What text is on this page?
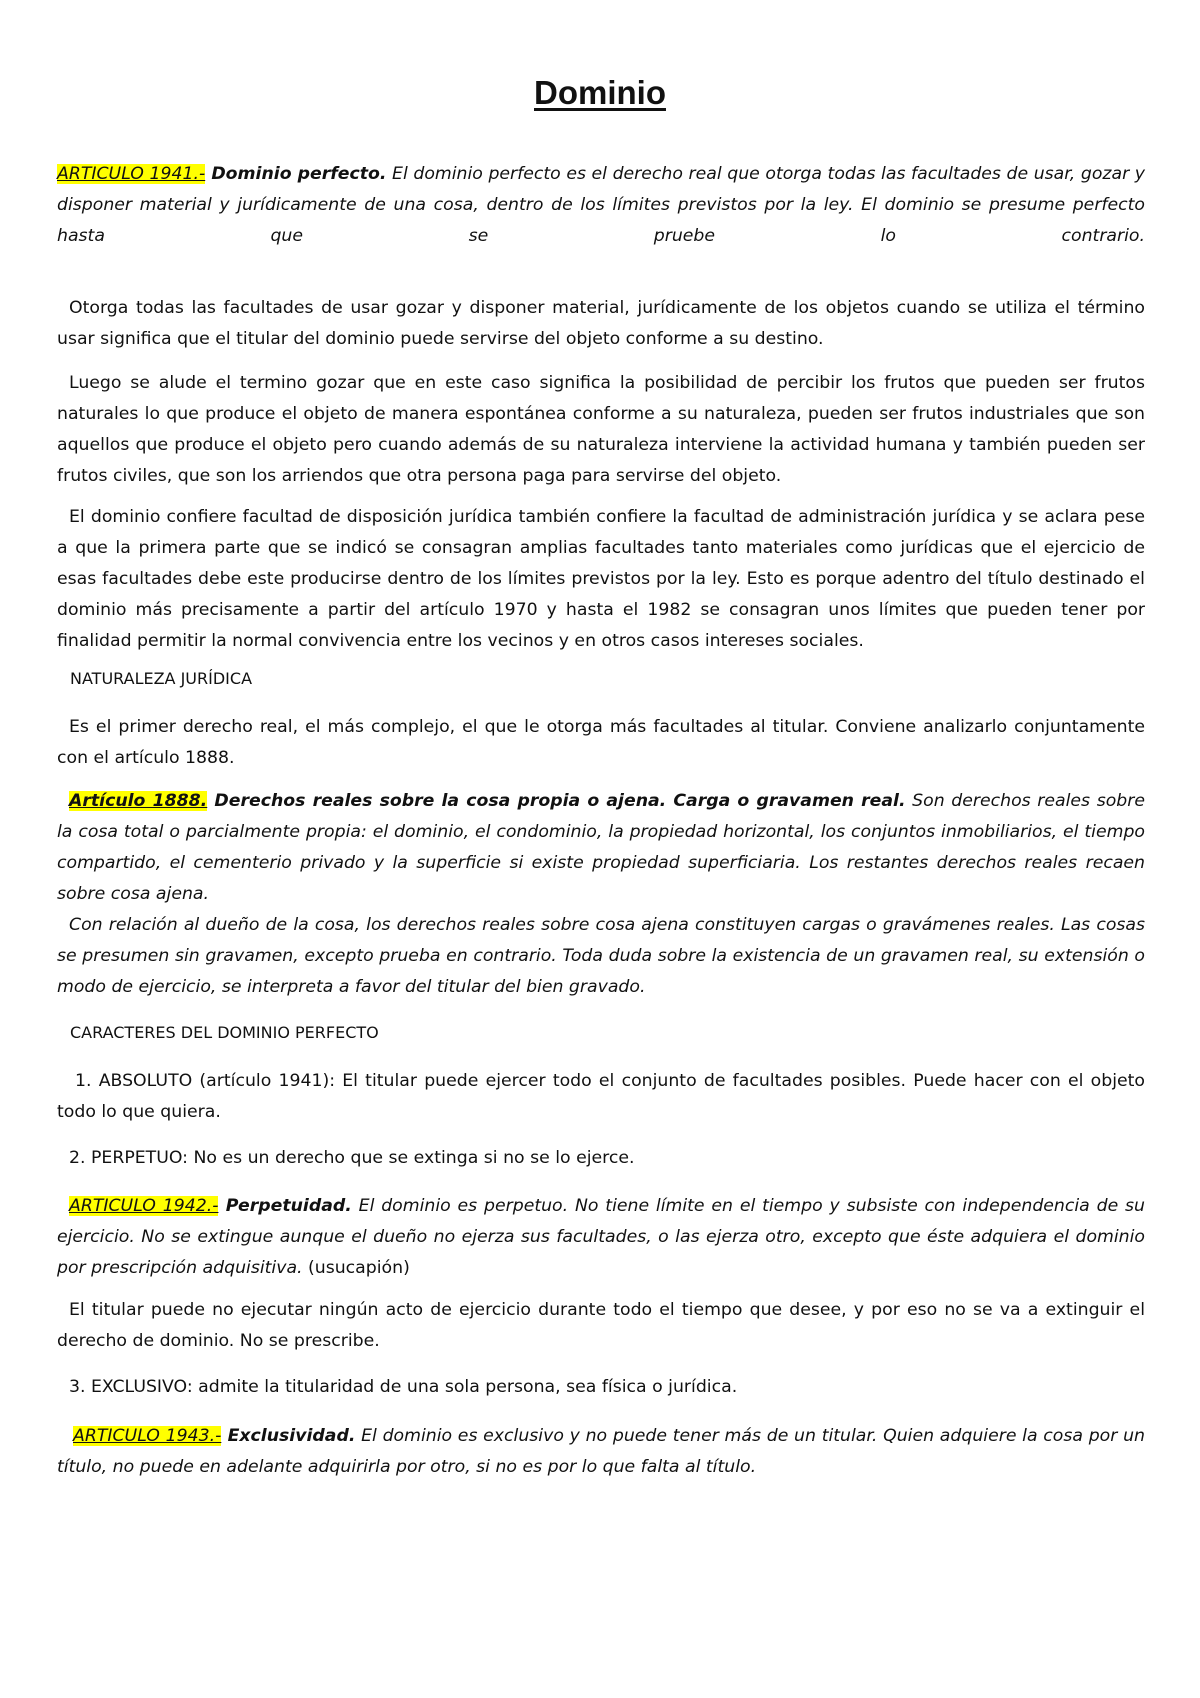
Dominio
ARTICULO 1941.- Dominio perfecto. El dominio perfecto es el derecho real que otorga todas las facultades de usar, gozar y disponer material y jurídicamente de una cosa, dentro de los límites previstos por la ley. El dominio se presume perfecto hasta que se pruebe lo contrario.
Otorga todas las facultades de usar gozar y disponer material, jurídicamente de los objetos cuando se utiliza el término usar significa que el titular del dominio puede servirse del objeto conforme a su destino.
Luego se alude el termino gozar que en este caso significa la posibilidad de percibir los frutos que pueden ser frutos naturales lo que produce el objeto de manera espontánea conforme a su naturaleza, pueden ser frutos industriales que son aquellos que produce el objeto pero cuando además de su naturaleza interviene la actividad humana y también pueden ser frutos civiles, que son los arriendos que otra persona paga para servirse del objeto.
El dominio confiere facultad de disposición jurídica también confiere la facultad de administración jurídica y se aclara pese a que la primera parte que se indicó se consagran amplias facultades tanto materiales como jurídicas que el ejercicio de esas facultades debe este producirse dentro de los límites previstos por la ley. Esto es porque adentro del título destinado el dominio más precisamente a partir del artículo 1970 y hasta el 1982 se consagran unos límites que pueden tener por finalidad permitir la normal convivencia entre los vecinos y en otros casos intereses sociales.
NATURALEZA JURÍDICA
Es el primer derecho real, el más complejo, el que le otorga más facultades al titular. Conviene analizarlo conjuntamente con el artículo 1888.
Artículo 1888. Derechos reales sobre la cosa propia o ajena. Carga o gravamen real. Son derechos reales sobre la cosa total o parcialmente propia: el dominio, el condominio, la propiedad horizontal, los conjuntos inmobiliarios, el tiempo compartido, el cementerio privado y la superficie si existe propiedad superficiaria. Los restantes derechos reales recaen sobre cosa ajena.
Con relación al dueño de la cosa, los derechos reales sobre cosa ajena constituyen cargas o gravámenes reales. Las cosas se presumen sin gravamen, excepto prueba en contrario. Toda duda sobre la existencia de un gravamen real, su extensión o modo de ejercicio, se interpreta a favor del titular del bien gravado.
CARACTERES DEL DOMINIO PERFECTO
1. ABSOLUTO (artículo 1941): El titular puede ejercer todo el conjunto de facultades posibles. Puede hacer con el objeto todo lo que quiera.
2. PERPETUO: No es un derecho que se extinga si no se lo ejerce.
ARTICULO 1942.- Perpetuidad. El dominio es perpetuo. No tiene límite en el tiempo y subsiste con independencia de su ejercicio. No se extingue aunque el dueño no ejerza sus facultades, o las ejerza otro, excepto que éste adquiera el dominio por prescripción adquisitiva. (usucapión)
El titular puede no ejecutar ningún acto de ejercicio durante todo el tiempo que desee, y por eso no se va a extinguir el derecho de dominio. No se prescribe.
3. EXCLUSIVO: admite la titularidad de una sola persona, sea física o jurídica.
ARTICULO 1943.- Exclusividad. El dominio es exclusivo y no puede tener más de un titular. Quien adquiere la cosa por un título, no puede en adelante adquirirla por otro, si no es por lo que falta al título.
